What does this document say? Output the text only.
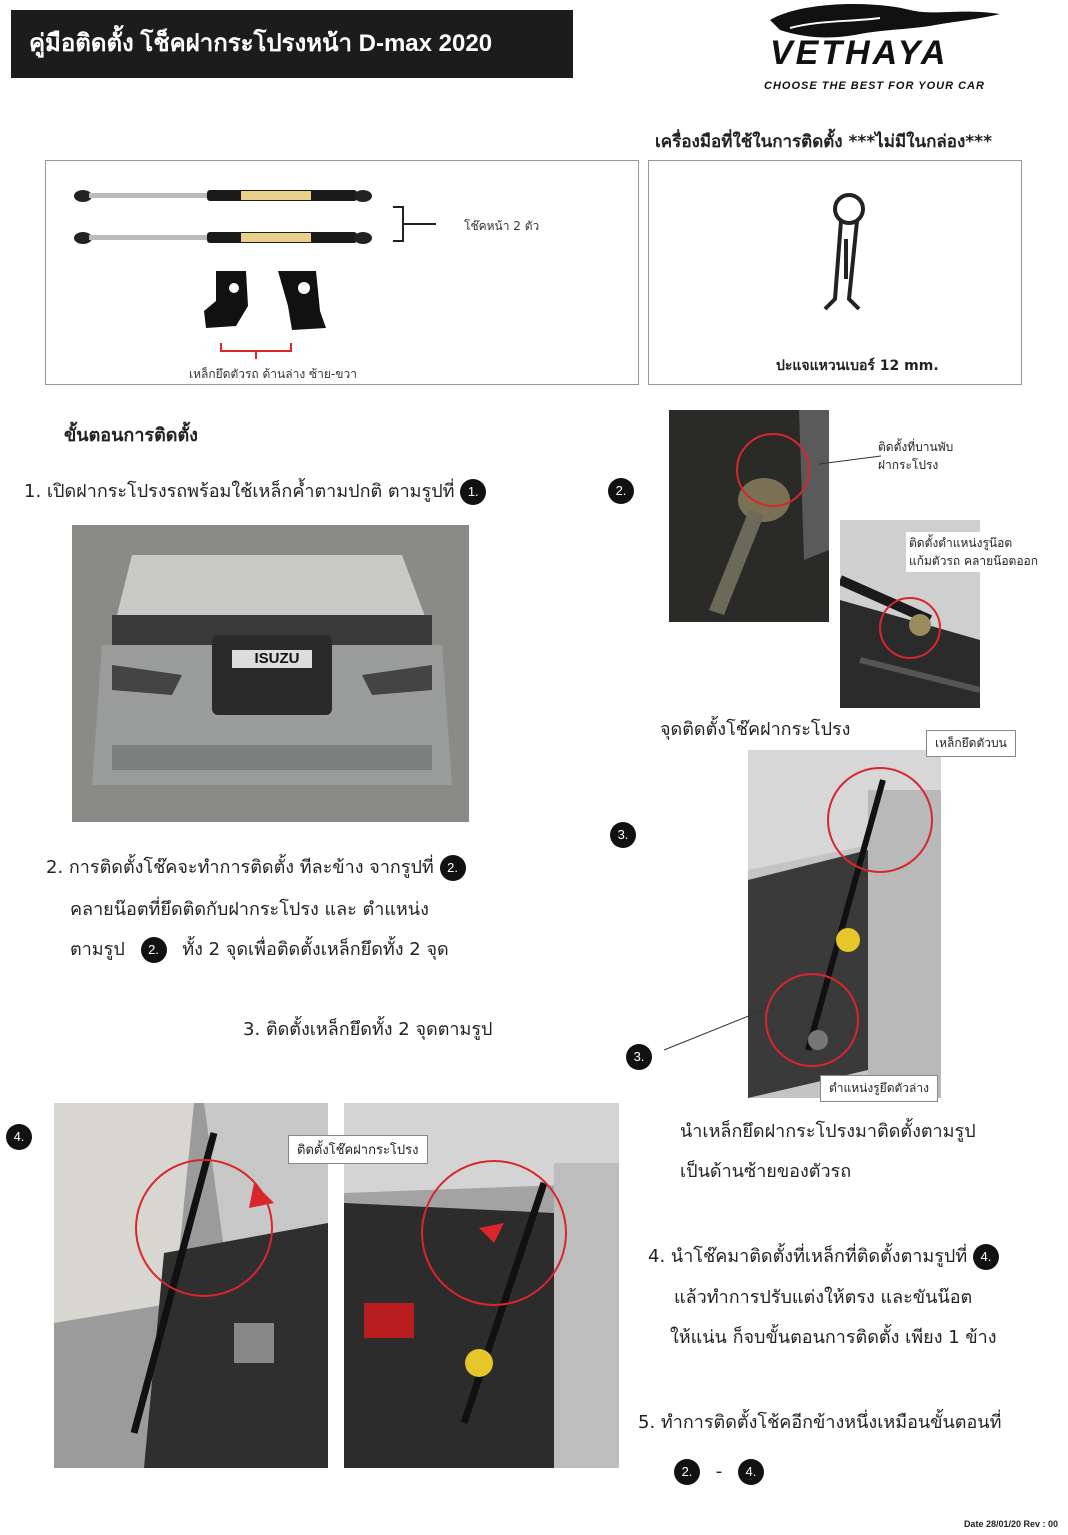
คู่มือติดตั้ง โช็คฝากระโปรงหน้า D-max 2020	VETHAYA
CHOOSE THE BEST FOR YOUR CAR
เครื่องมือที่ใช้ในการติดตั้ง ***ไม่มีในกล่อง***
โช๊คหน้า 2 ตัว
เหล็กยึดตัวรถ ด้านล่าง ซ้าย-ขวา	ปะแจแหวนเบอร์ 12 mm.
ขั้นตอนการติดตั้ง
1. เปิดฝากระโปรงรถพร้อมใช้เหล็กค้ำตามปกติ ตามรูปที่ 1.
ISUZU
2. การติดตั้งโช๊คจะทำการติดตั้ง ทีละข้าง จากรูปที่ 2.
คลายน๊อตที่ยึดติดกับฝากระโปรง และ ตำแหน่ง
ตามรูป 2. ทั้ง 2 จุดเพื่อติดตั้งเหล็กยึดทั้ง 2 จุด
3. ติดตั้งเหล็กยึดทั้ง 2 จุดตามรูป
2.
ติดตั้งที่บานพับ
ฝากระโปรง
ติดตั้งตำแหน่งรูน๊อต
แก้มตัวรถ คลายน๊อตออก
จุดติดตั้งโช๊คฝากระโปรง
3.
เหล็กยึดตัวบน
ตำแหน่งรูยึดตัวล่าง
3.
นำเหล็กยึดฝากระโปรงมาติดตั้งตามรูป
เป็นด้านซ้ายของตัวรถ
4.
ติดตั้งโช๊คฝากระโปรง
4. นำโช๊คมาติดตั้งที่เหล็กที่ติดตั้งตามรูปที่ 4.
แล้วทำการปรับแต่งให้ตรง และขันน๊อต
ให้แน่น ก็จบขั้นตอนการติดตั้ง เพียง 1 ข้าง
5. ทำการติดตั้งโช้คอีกข้างหนึ่งเหมือนขั้นตอนที่
2. - 4.
Date 28/01/20 Rev : 00
